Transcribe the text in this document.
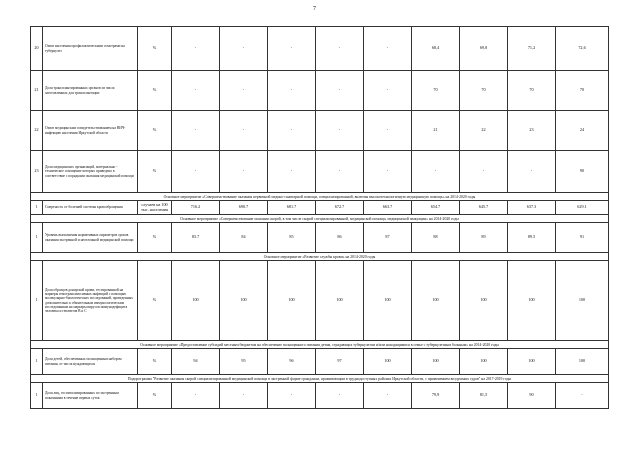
7
20	Охват населения профилактическими осмотрами на туберкулез	%	-	-	-	-	-	68,4	69,8	71,2	72,6
21	Доля трансплантированных органов из числа заготовленных для трансплантации	%	-	-	-	-	-	70	70	70	70
22	Охват медицинским освидетельствованием на ВИЧ-инфекцию населения Иркутской области	%	-	-	-	-	-	21	22	23	24
23	Доля медицинских организаций, материально - техническое оснащение которых приведено в соответствие с порядками оказания медицинской помощи	%	-	-	-	-	-	-	-	-	90
Основное мероприятие «Совершенствование оказания первичной медико-санитарной помощи, специализированной, включая высокотехнологичную медицинскую помощь» на 2014-2020 годы											
1	Смертность от болезней системы кровообращения	случаев на 100 тыс. населения	716.2	690.7	681.7	672.7	663.7	654.7	645.7	637.3	629.1
Основное мероприятие «Совершенствование оказания скорой, в том числе скорой специализированной, медицинской помощи, медицинской эвакуации» на 2014-2020 годы											
1	Уровень выполнения нормативных параметров сроков оказания экстренной и неотложной медицинской помощи	%	83.7	84	85	86	87	88	89	89.5	91
Основное мероприятие «Развитие службы крови» на 2014-2020 годы											
1	Доля образцов донорской крови, тестированной на маркеры гемотрансмиссивных инфекций с помощью молекулярно-биологических исследований, проведенных дополнительно к обязательным иммунологическим исследованиям на маркеры вирусов иммунодефицита человека и гепатитов В и С	%	100	100	100	100	100	100	100	100	100
Основное мероприятие «Предоставление субсидий местным бюджетам на обеспечение полноценного питания детям, страдающих туберкулезом и/или находящимися в семье с туберкулезным больным» на 2014-2020 годы											
1	Доля детей, обеспеченных полноценным набором питания, от числа нуждающихся	%	94	95	96	97	100	100	100	100	100
Подпрограмма "Развитие оказания скорой специализированной медицинской помощи в экстренной форме гражданам, проживающим в труднодоступных районах Иркутской области, с применением воздушных судов" на 2017-2019 годы											
1	Доля лиц, госпитализированных по экстренным показаниям в течение первых суток	%	-	-	-	-	-	79,9	81,5	90	-
